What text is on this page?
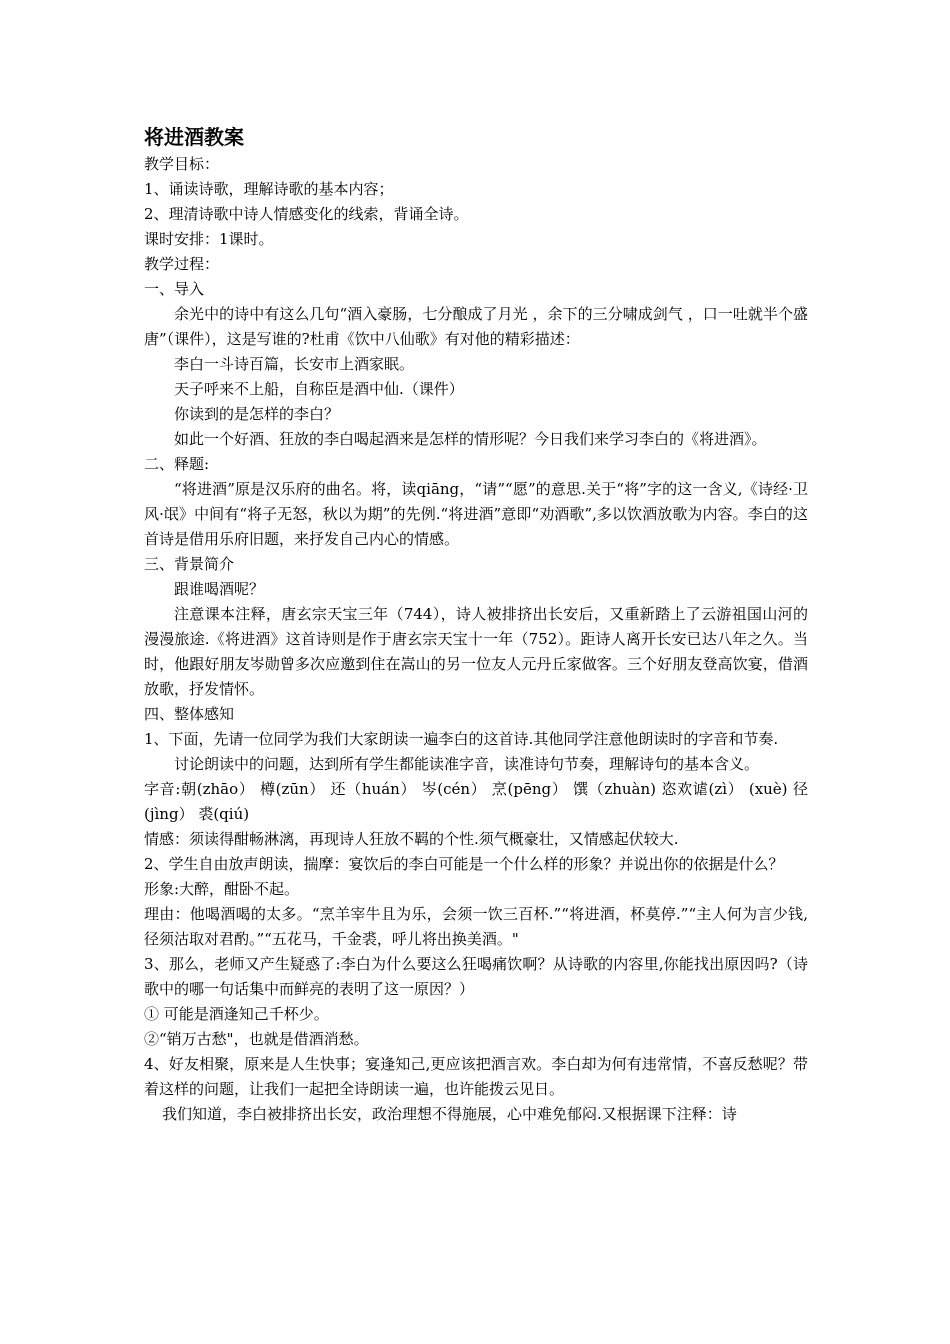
将进酒教案

教学目标：

1、诵读诗歌，理解诗歌的基本内容；

2、理清诗歌中诗人情感变化的线索，背诵全诗。

课时安排：1课时。

教学过程：

一、导入

余光中的诗中有这么几句“酒入豪肠，七分酿成了月光 ，余下的三分啸成剑气 ，口一吐就半个盛唐”（课件），这是写谁的?杜甫《饮中八仙歌》有对他的精彩描述：

李白一斗诗百篇，长安市上酒家眠。

天子呼来不上船，自称臣是酒中仙.（课件）

你读到的是怎样的李白？

如此一个好酒、狂放的李白喝起酒来是怎样的情形呢？今日我们来学习李白的《将进酒》。

二、释题:

“将进酒”原是汉乐府的曲名。将，读qiāng，“请”“愿”的意思.关于“将”字的这一含义,《诗经·卫风·氓》中间有“将子无怒，秋以为期”的先例.“将进酒”意即“劝酒歌”,多以饮酒放歌为内容。李白的这首诗是借用乐府旧题，来抒发自己内心的情感。

三、背景简介

跟谁喝酒呢？

注意课本注释，唐玄宗天宝三年（744），诗人被排挤出长安后，又重新踏上了云游祖国山河的漫漫旅途.《将进酒》这首诗则是作于唐玄宗天宝十一年（752）。距诗人离开长安已达八年之久。当时，他跟好朋友岑勋曾多次应邀到住在嵩山的另一位友人元丹丘家做客。三个好朋友登高饮宴，借酒放歌，抒发情怀。

四、整体感知

1、下面，先请一位同学为我们大家朗读一遍李白的这首诗.其他同学注意他朗读时的字音和节奏.

讨论朗读中的问题，达到所有学生都能读准字音，读准诗句节奏，理解诗句的基本含义。

字音:朝(zhāo） 樽(zūn） 还（huán） 岑(cén） 烹(pēng） 馔（zhuàn) 恣欢谑(zì） (xuè) 径(jìng） 裘(qiú)

情感：须读得酣畅淋漓，再现诗人狂放不羁的个性.须气概豪壮，又情感起伏较大.

2、学生自由放声朗读，揣摩：宴饮后的李白可能是一个什么样的形象？并说出你的依据是什么？

形象:大醉，酣卧不起。

理由：他喝酒喝的太多。“烹羊宰牛且为乐，会须一饮三百杯.”“将进酒，杯莫停.”“主人何为言少钱,径须沽取对君酌。”“五花马，千金裘，呼儿将出换美酒。"

3、那么，老师又产生疑惑了:李白为什么要这么狂喝痛饮啊？从诗歌的内容里,你能找出原因吗?（诗歌中的哪一句话集中而鲜亮的表明了这一原因？）

① 可能是酒逢知己千杯少。

②“销万古愁"，也就是借酒消愁。

4、好友相聚，原来是人生快事；宴逢知己,更应该把酒言欢。李白却为何有违常情，不喜反愁呢？带着这样的问题，让我们一起把全诗朗读一遍，也许能拨云见日。

我们知道，李白被排挤出长安，政治理想不得施展，心中难免郁闷.又根据课下注释：诗
